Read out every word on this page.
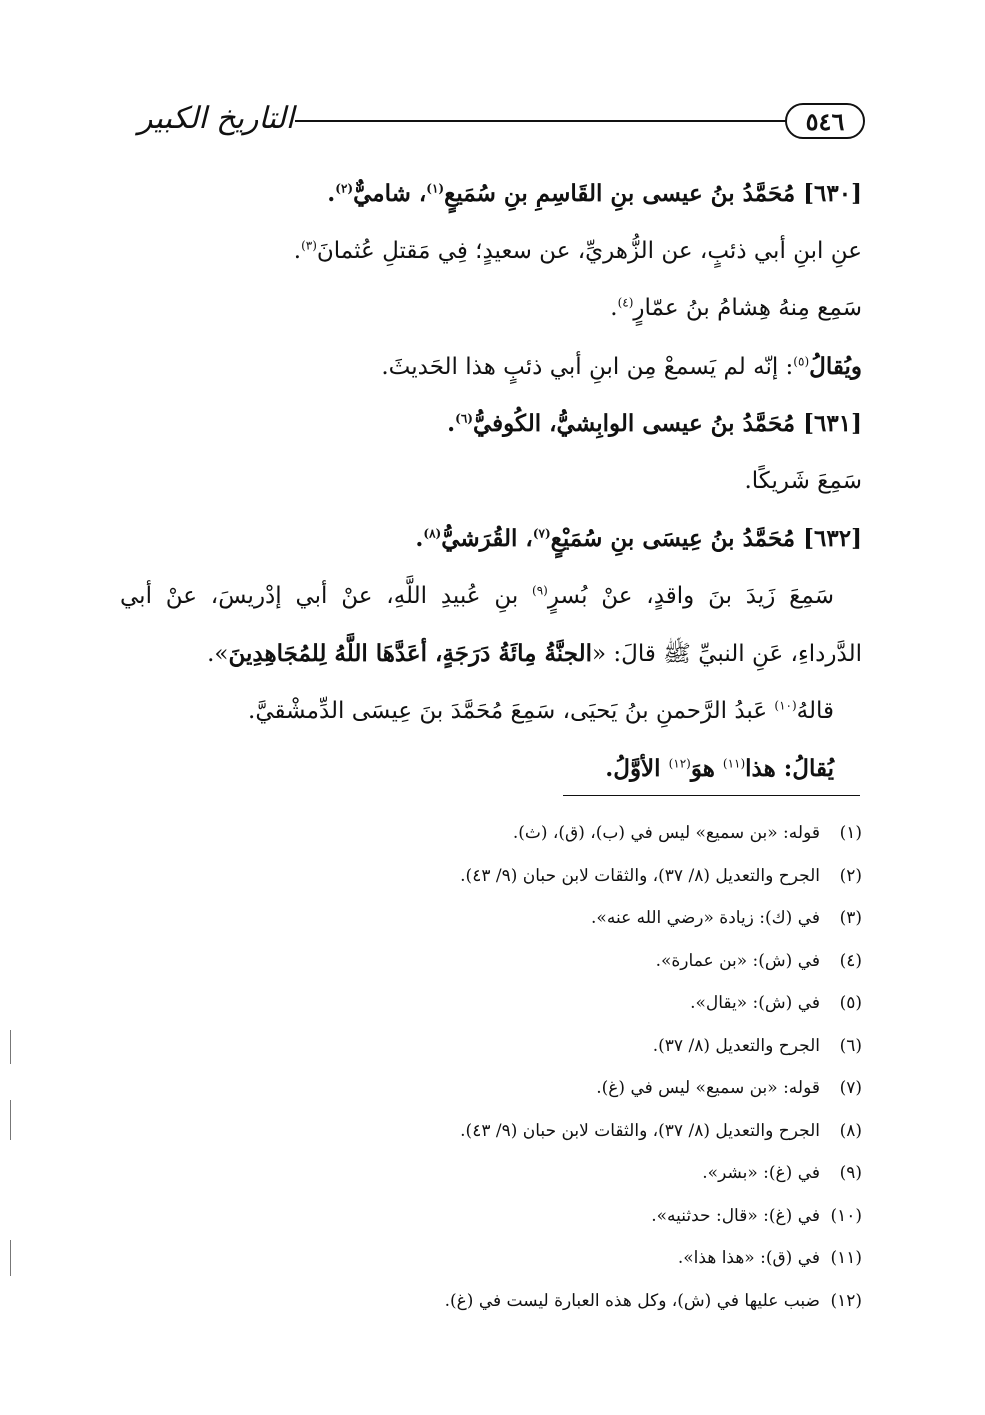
التاريخ الكبير	٥٤٦
[٦٣٠] مُحَمَّدُ بنُ عيسى بنِ القَاسِمِ بنِ سُمَيعٍ$^{(١)}$، شاميٌّ$^{(٢)}$.
عنِ ابنِ أبي ذئبٍ، عن الزُّهريِّ، عن سعيدٍ؛ فِي مَقتلِ عُثمانَ$^{(٣)}$.
سَمِع مِنهُ هِشامُ بنُ عمّارٍ$^{(٤)}$.
ويُقالُ$^{(٥)}$: إنّه لم يَسمعْ مِن ابنِ أبي ذئبٍ هذا الحَديثَ.
[٦٣١] مُحَمَّدُ بنُ عيسى الوابِشيُّ، الكُوفيُّ$^{(٦)}$.
سَمِعَ شَريكًا.
[٦٣٢] مُحَمَّدُ بنُ عِيسَى بنِ سُمَيْعٍ$^{(٧)}$، القُرَشيُّ$^{(٨)}$.
سَمِعَ زَيدَ بنَ واقدٍ، عنْ بُسرٍ$^{(٩)}$ بنِ عُبيدِ اللَّهِ، عنْ أبي إدْريسَ، عنْ أبي
الدَّرداءِ، عَنِ النبيِّ ﷺ قالَ: «الجنَّةُ مِائَةُ دَرَجَةٍ، أعَدَّهَا اللَّهُ لِلمُجَاهِدِينَ».
قالهُ$^{(١٠)}$ عَبدُ الرَّحمنِ بنُ يَحيَى، سَمِعَ مُحَمَّدَ بنَ عِيسَى الدِّمشْقيَّ.
يُقالُ: هذا$^{(١١)}$ هوَ$^{(١٢)}$ الأوَّلُ.
(١)قوله: «بن سميع» ليس في (ب)، (ق)، (ث).
(٢)الجرح والتعديل (٨/ ٣٧)، والثقات لابن حبان (٩/ ٤٣).
(٣)في (ك): زيادة «رضي الله عنه».
(٤)في (ش): «بن عمارة».
(٥)في (ش): «يقال».
(٦)الجرح والتعديل (٨/ ٣٧).
(٧)قوله: «بن سميع» ليس في (غ).
(٨)الجرح والتعديل (٨/ ٣٧)، والثقات لابن حبان (٩/ ٤٣).
(٩)في (غ): «بشر».
(١٠)في (غ): «قال: حدثنيه».
(١١)في (ق): «هذا هذا».
(١٢)ضبب عليها في (ش)، وكل هذه العبارة ليست في (غ).
